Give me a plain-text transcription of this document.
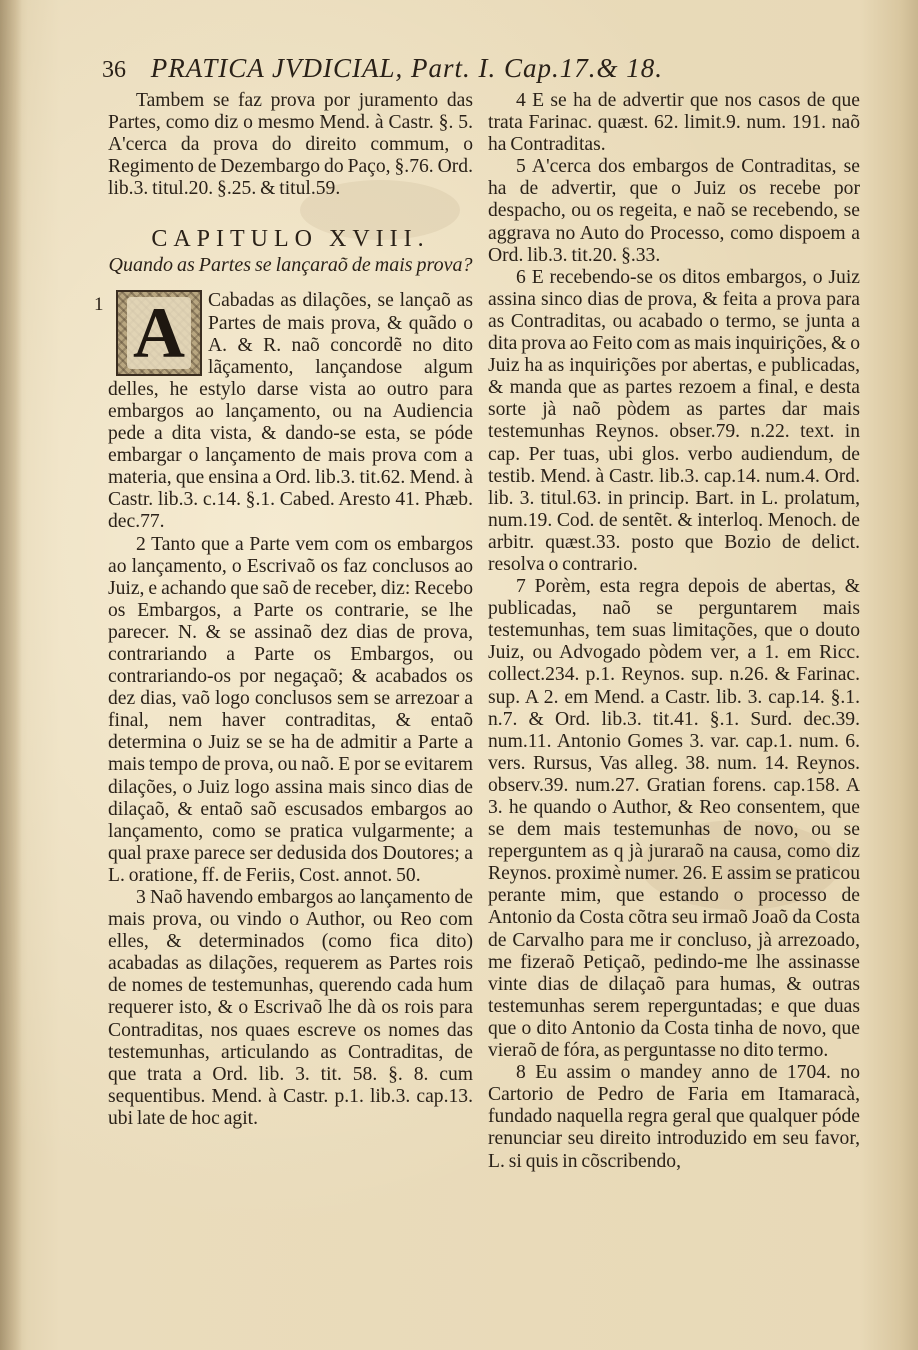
36 PRATICA JVDICIAL, Part. I. Cap.17.& 18.

Tambem se faz prova por juramento das Partes, como diz o mesmo Mend. à Castr. §. 5. A'cerca da prova do direito commum, o Regimento de Dezembargo do Paço, §.76. Ord. lib.3. titul.20. §.25. & titul.59.

CAPITULO XVIII.
Quando as Partes se lançaraõ de mais prova?
1 A	Cabadas as dilações, se lançaõ as Partes de mais prova, & quãdo o A. & R. naõ concordẽ no dito lãçamento, lançandose algum delles, he estylo darse vista ao outro para embargos ao lançamento, ou na Audiencia pede a dita vista, & dando-se esta, se póde embargar o lançamento de mais prova com a materia, que ensina a Ord. lib.3. tit.62. Mend. à Castr. lib.3. c.14. §.1. Cabed. Aresto 41. Phæb. dec.77.

2 Tanto que a Parte vem com os embargos ao lançamento, o Escrivaõ os faz conclusos ao Juiz, e achando que saõ de receber, diz: Recebo os Embargos, a Parte os contrarie, se lhe parecer. N. & se assinaõ dez dias de prova, contrariando a Parte os Embargos, ou contrariando-os por negaçaõ; & acabados os dez dias, vaõ logo conclusos sem se arrezoar a final, nem haver contraditas, & entaõ determina o Juiz se se ha de admitir a Parte a mais tempo de prova, ou naõ. E por se evitarem dilações, o Juiz logo assina mais sinco dias de dilaçaõ, & entaõ saõ escusados embargos ao lançamento, como se pratica vulgarmente; a qual praxe parece ser dedusida dos Doutores; a L. oratione, ff. de Feriis, Cost. annot. 50.

3 Naõ havendo embargos ao lançamento de mais prova, ou vindo o Author, ou Reo com elles, & determinados (como fica dito) acabadas as dilações, requerem as Partes rois de nomes de testemunhas, querendo cada hum requerer isto, & o Escrivaõ lhe dà os rois para Contraditas, nos quaes escreve os nomes das testemunhas, articulando as Contraditas, de que trata a Ord. lib. 3. tit. 58. §. 8. cum sequentibus. Mend. à Castr. p.1. lib.3. cap.13. ubi late de hoc agit.

4 E se ha de advertir que nos casos de que trata Farinac. quæst. 62. limit.9. num. 191. naõ ha Contraditas.

5 A'cerca dos embargos de Contraditas, se ha de advertir, que o Juiz os recebe por despacho, ou os regeita, e naõ se recebendo, se aggrava no Auto do Processo, como dispoem a Ord. lib.3. tit.20. §.33.

6 E recebendo-se os ditos embargos, o Juiz assina sinco dias de prova, & feita a prova para as Contraditas, ou acabado o termo, se junta a dita prova ao Feito com as mais inquirições, & o Juiz ha as inquirições por abertas, e publicadas, & manda que as partes rezoem a final, e desta sorte jà naõ pòdem as partes dar mais testemunhas Reynos. obser.79. n.22. text. in cap. Per tuas, ubi glos. verbo audiendum, de testib. Mend. à Castr. lib.3. cap.14. num.4. Ord. lib. 3. titul.63. in princip. Bart. in L. prolatum, num.19. Cod. de sentẽt. & interloq. Menoch. de arbitr. quæst.33. posto que Bozio de delict. resolva o contrario.

7 Porèm, esta regra depois de abertas, & publicadas, naõ se perguntarem mais testemunhas, tem suas limitações, que o douto Juiz, ou Advogado pòdem ver, a 1. em Ricc. collect.234. p.1. Reynos. sup. n.26. & Farinac. sup. A 2. em Mend. a Castr. lib. 3. cap.14. §.1. n.7. & Ord. lib.3. tit.41. §.1. Surd. dec.39. num.11. Antonio Gomes 3. var. cap.1. num. 6. vers. Rursus, Vas alleg. 38. num. 14. Reynos. observ.39. num.27. Gratian forens. cap.158. A 3. he quando o Author, & Reo consentem, que se dem mais testemunhas de novo, ou se reperguntem as q jà juraraõ na causa, como diz Reynos. proximè numer. 26. E assim se praticou perante mim, que estando o processo de Antonio da Costa cõtra seu irmaõ Joaõ da Costa de Carvalho para me ir concluso, jà arrezoado, me fizeraõ Petiçaõ, pedindo-me lhe assinasse vinte dias de dilaçaõ para humas, & outras testemunhas serem reperguntadas; e que duas que o dito Antonio da Costa tinha de novo, que vieraõ de fóra, as perguntasse no dito termo.

8 Eu assim o mandey anno de 1704. no Cartorio de Pedro de Faria em Itamaracà, fundado naquella regra geral que qualquer póde renunciar seu direito introduzido em seu favor, L. si quis in cõscribendo,
